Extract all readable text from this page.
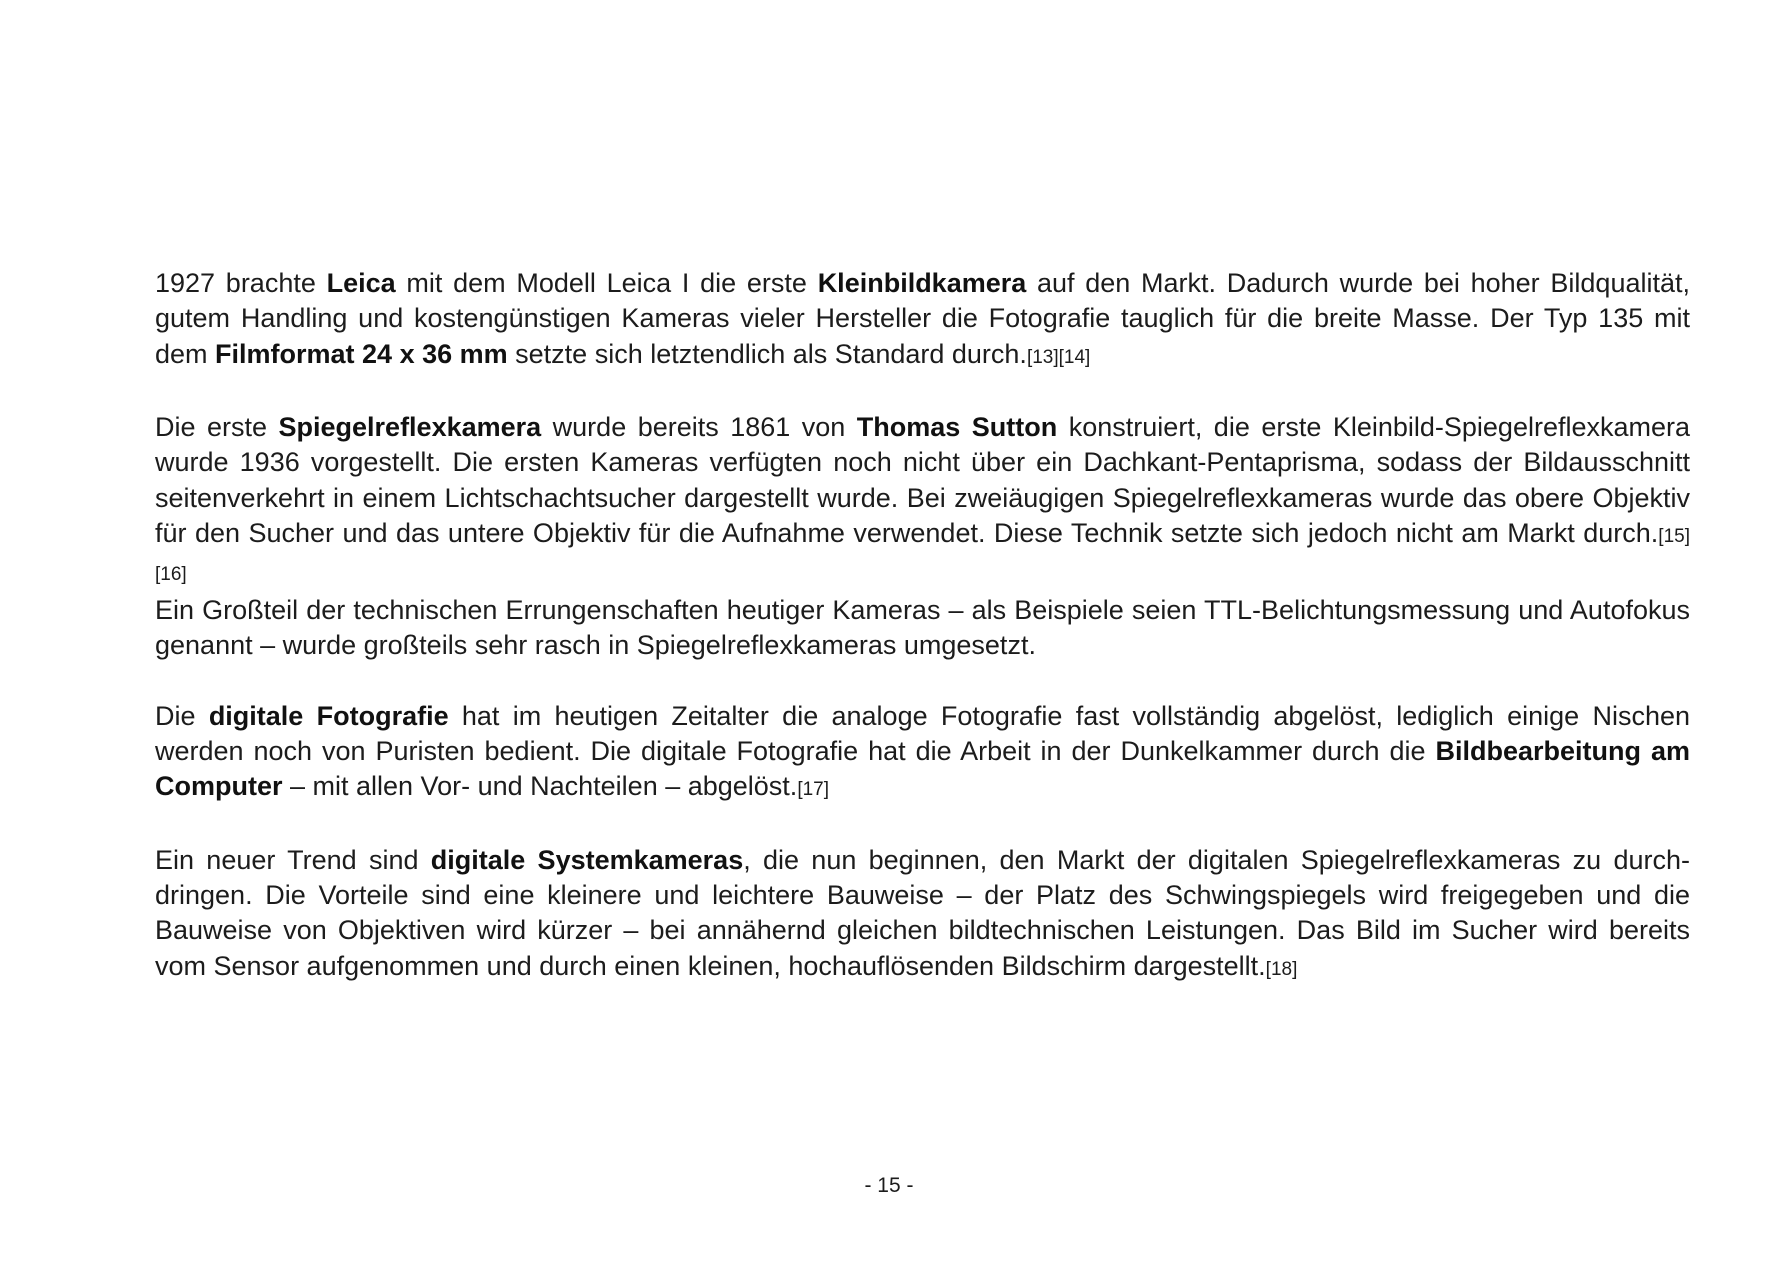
1927 brachte Leica mit dem Modell Leica I die erste Kleinbildkamera auf den Markt. Dadurch wurde bei hoher Bildqualität, gutem Handling und kostengünstigen Kameras vieler Hersteller die Fotografie tauglich für die breite Masse. Der Typ 135 mit dem Filmformat 24 x 36 mm setzte sich letztendlich als Standard durch.[13][14]

Die erste Spiegelreflexkamera wurde bereits 1861 von Thomas Sutton konstruiert, die erste Kleinbild-Spiegelreflexkamera wurde 1936 vorgestellt. Die ersten Kameras verfügten noch nicht über ein Dachkant-Pentaprisma, sodass der Bildausschnitt seitenverkehrt in einem Lichtschachtsucher dargestellt wurde. Bei zweiäugigen Spiegelreflexkameras wurde das obere Objektiv für den Sucher und das untere Objektiv für die Aufnahme verwendet. Diese Technik setzte sich jedoch nicht am Markt durch.[15][16]

Ein Großteil der technischen Errungenschaften heutiger Kameras – als Beispiele seien TTL-Belichtungsmessung und Autofokus genannt – wurde großteils sehr rasch in Spiegelreflexkameras umgesetzt.

Die digitale Fotografie hat im heutigen Zeitalter die analoge Fotografie fast vollständig abgelöst, lediglich einige Nischen werden noch von Puristen bedient. Die digitale Fotografie hat die Arbeit in der Dunkelkammer durch die Bildbearbeitung am Computer – mit allen Vor- und Nachteilen – abgelöst.[17]

Ein neuer Trend sind digitale Systemkameras, die nun beginnen, den Markt der digitalen Spiegelreflexkameras zu durchdringen. Die Vorteile sind eine kleinere und leichtere Bauweise – der Platz des Schwingspiegels wird freigegeben und die Bauweise von Objektiven wird kürzer – bei annähernd gleichen bildtechnischen Leistungen. Das Bild im Sucher wird bereits vom Sensor aufgenommen und durch einen kleinen, hochauflösenden Bildschirm dargestellt.[18]

- 15 -
